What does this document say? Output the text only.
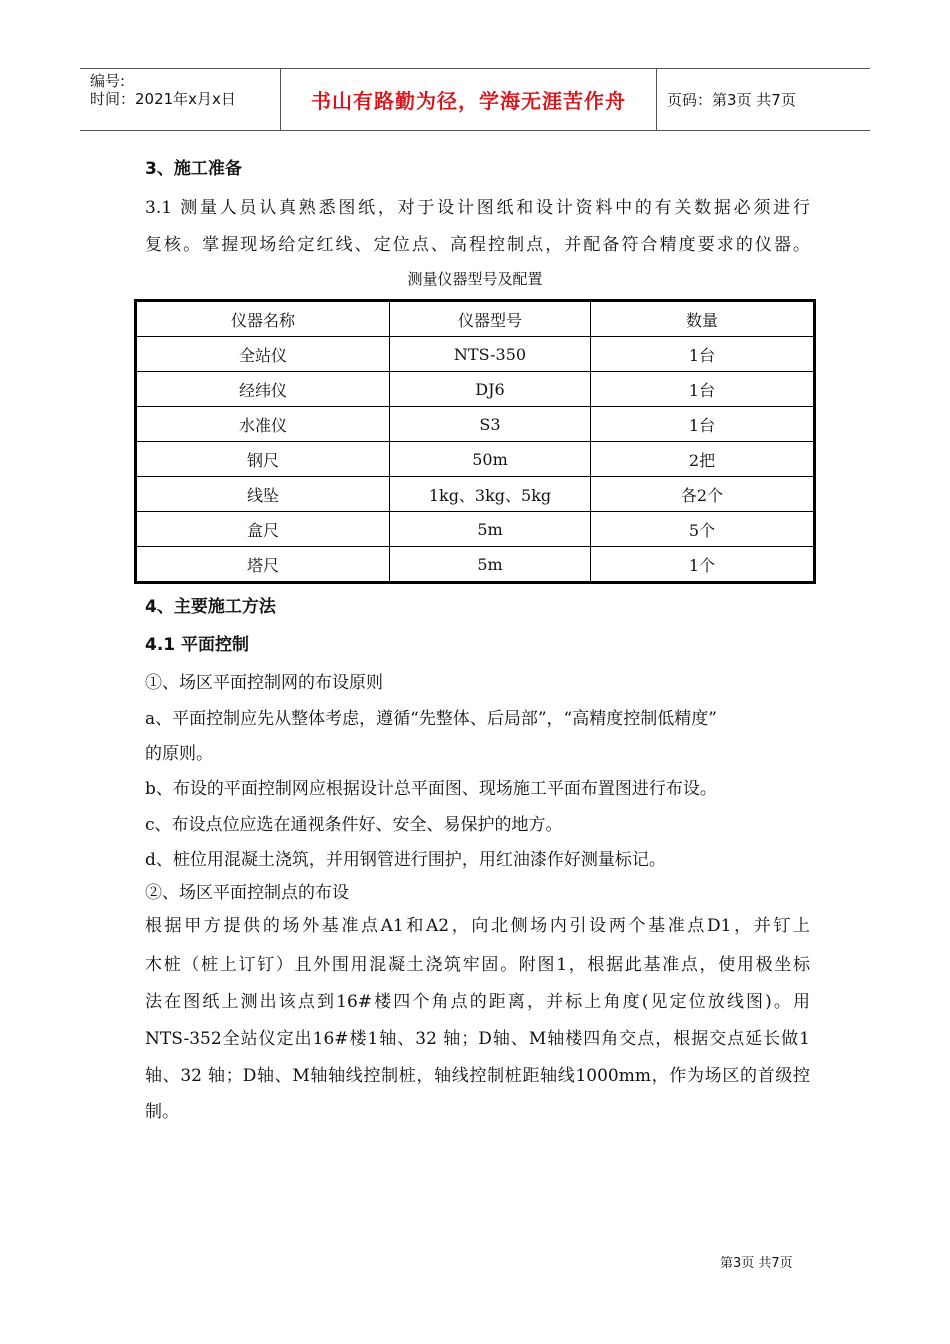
编号:
时间：2021年x月x日	书山有路勤为径，学海无涯苦作舟	页码：第3页 共7页
3、施工准备
3.1 测量人员认真熟悉图纸，对于设计图纸和设计资料中的有关数据必须进行
复核。掌握现场给定红线、定位点、高程控制点，并配备符合精度要求的仪器。
测量仪器型号及配置
仪器名称	仪器型号	数量
全站仪	NTS-350	1台
经纬仪	DJ6	1台
水准仪	S3	1台
钢尺	50m	2把
线坠	1kg、3kg、5kg	各2个
盒尺	5m	5个
塔尺	5m	1个
4、主要施工方法
4.1 平面控制
①、场区平面控制网的布设原则
a、平面控制应先从整体考虑，遵循“先整体、后局部”，“高精度控制低精度”
的原则。
b、布设的平面控制网应根据设计总平面图、现场施工平面布置图进行布设。
c、布设点位应选在通视条件好、安全、易保护的地方。
d、桩位用混凝土浇筑，并用钢管进行围护，用红油漆作好测量标记。
②、场区平面控制点的布设
根据甲方提供的场外基准点A1和A2，向北侧场内引设两个基准点D1，并钉上
木桩（桩上订钉）且外围用混凝土浇筑牢固。附图1，根据此基准点，使用极坐标
法在图纸上测出该点到16#楼四个角点的距离，并标上角度(见定位放线图)。用
NTS-352全站仪定出16#楼1轴、32 轴；D轴、M轴楼四角交点，根据交点延长做1
轴、32 轴；D轴、M轴轴线控制桩，轴线控制桩距轴线1000mm，作为场区的首级控
制。
第3页 共7页
